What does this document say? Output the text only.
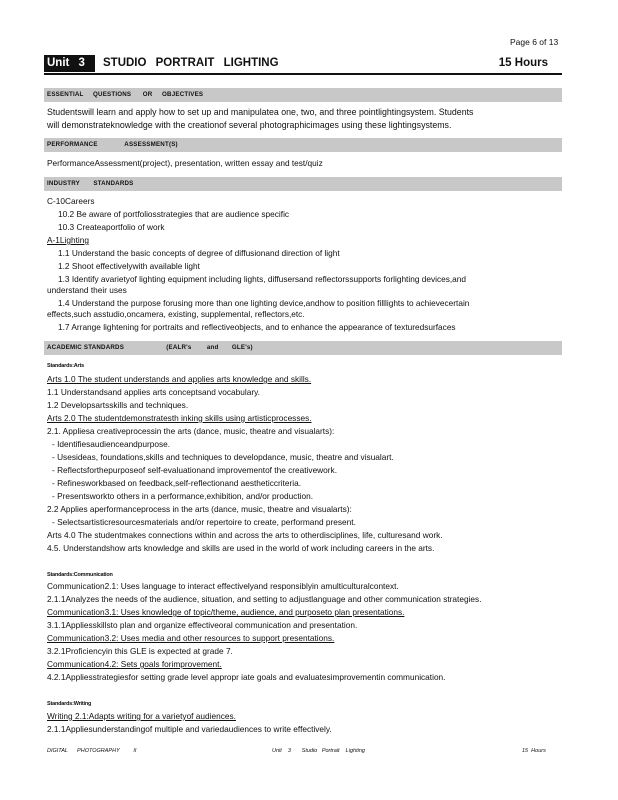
Page 6 of 13
Unit 3	STUDIO PORTRAIT LIGHTING	15 Hours
ESSENTIAL     QUESTIONS      OR     OBJECTIVES
Studentswill learn and apply how to set up and manipulatea one, two, and three pointlightingsystem. Students
will demonstrateknowledge with the creationof several photographicimages using these lightingsystems.
PERFORMANCE              ASSESSMENT(S)
PerformanceAssessment(project), presentation, written essay and test/quiz
INDUSTRY       STANDARDS
C-10Careers
10.2 Be aware of portfoliosstrategies that are audience specific
10.3 Createaportfolio of work
A-1Lighting
1.1 Understand the basic concepts of degree of diffusionand direction of light
1.2 Shoot effectivelywith available light
1.3 Identify avarietyof lighting equipment including lights, diffusersand reflectorssupports forlighting devices,and
understand their uses
1.4 Understand the purpose forusing more than one lighting device,andhow to position filllights to achievecertain
effects,such asstudio,oncamera, existing, supplemental, reflectors,etc.
1.7 Arrange lightening for portraits and reflectiveobjects, and to enhance the appearance of texturedsurfaces
ACADEMIC STANDARDS                      (EALR's        and       GLE's)
Standards:Arts
Arts 1.0 The student understands and applies arts knowledge and skills.
1.1 Understandsand applies arts conceptsand vocabulary.
1.2 Developsartsskills and techniques.
Arts 2.0 The studentdemonstratesth inking skills using artisticprocesses.
2.1. Appliesa creativeprocessin the arts (dance, music, theatre and visualarts):
- Identifiesaudienceandpurpose.
- Usesideas, foundations,skills and techniques to developdance, music, theatre and visualart.
- Reflectsforthepurposeof self-evaluationand improvementof the creativework.
- Refinesworkbased on feedback,self-reflectionand aestheticcriteria.
- Presentsworkto others in a performance,exhibition, and/or production.
2.2 Applies aperformanceprocess in the arts (dance, music, theatre and visualarts):
- Selectsartisticresourcesmaterials and/or repertoire to create, performand present.
Arts 4.0 The studentmakes connections within and across the arts to otherdisciplines, life, culturesand work.
4.5. Understandshow arts knowledge and skills are used in the world of work including careers in the arts.
Standards:Communication
Communication2.1: Uses language to interact effectivelyand responsiblyin amulticulturalcontext.
2.1.1Analyzes the needs of the audience, situation, and setting to adjustlanguage and other communication strategies.
Communication3.1: Uses knowledge of topic/theme, audience, and purposeto plan presentations.
3.1.1Appliesskillsto plan and organize effectiveoral communication and presentation.
Communication3.2: Uses media and other resources to support presentations.
3.2.1Proficiencyin this GLE is expected at grade 7.
Communication4.2: Sets goals forimprovement.
4.2.1Appliesstrategiesfor setting grade level appropr iate goals and evaluatesimprovementin communication.
Standards:Writing
Writing 2.1:Adapts writing for a varietyof audiences.
2.1.1Appliesunderstandingof multiple and variedaudiences to write effectively.
DIGITAL      PHOTOGRAPHY         II	Unit    3       Studio   Portrait    Lighting	15  Hours
